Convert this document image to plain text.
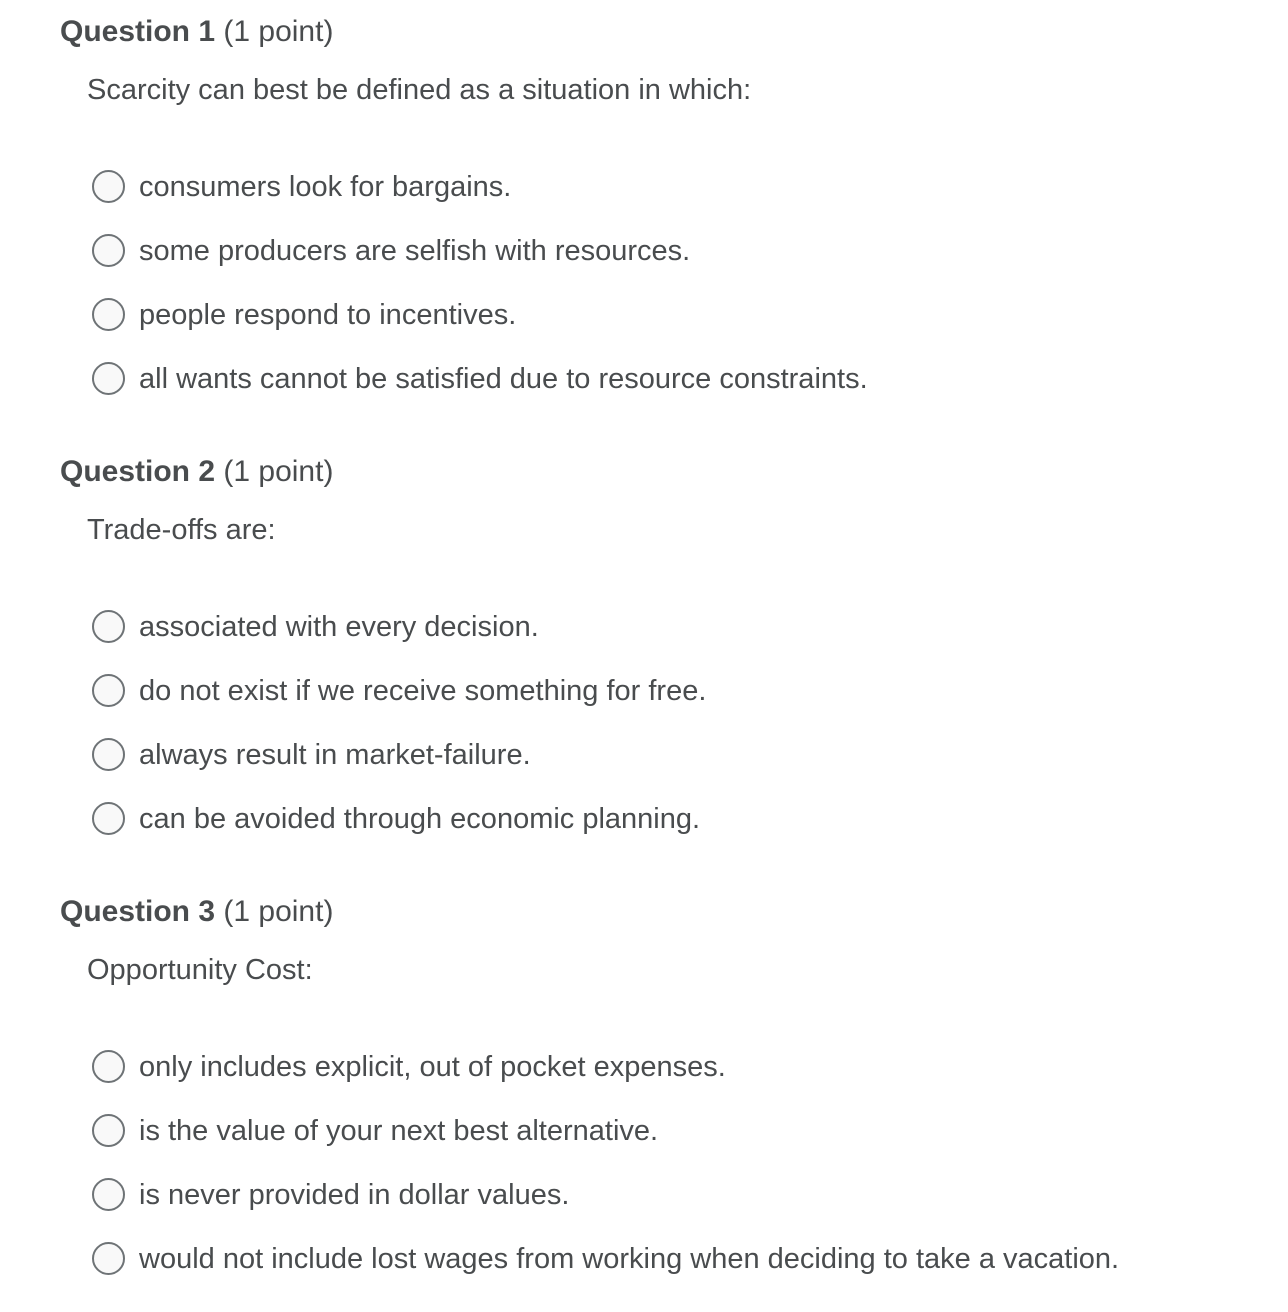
Question 1 (1 point)
Scarcity can best be defined as a situation in which:
consumers look for bargains.
some producers are selfish with resources.
people respond to incentives.
all wants cannot be satisfied due to resource constraints.
Question 2 (1 point)
Trade-offs are:
associated with every decision.
do not exist if we receive something for free.
always result in market-failure.
can be avoided through economic planning.
Question 3 (1 point)
Opportunity Cost:
only includes explicit, out of pocket expenses.
is the value of your next best alternative.
is never provided in dollar values.
would not include lost wages from working when deciding to take a vacation.
